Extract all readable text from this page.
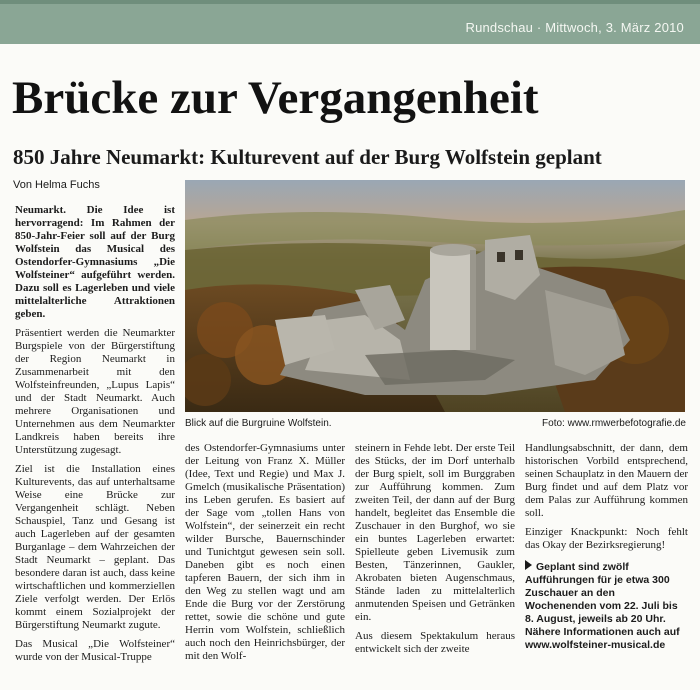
Rundschau · Mittwoch, 3. März 2010
Brücke zur Vergangenheit
850 Jahre Neumarkt: Kulturevent auf der Burg Wolfstein geplant
Von Helma Fuchs
Blick auf die Burgruine Wolfstein.	Foto: www.rmwerbefotografie.de

Neumarkt. Die Idee ist hervorragend: Im Rahmen der 850-Jahr-Feier soll auf der Burg Wolfstein das Musical des Ostendorfer-Gymnasiums „Die Wolfsteiner“ aufgeführt werden. Dazu soll es Lagerleben und viele mittelalterliche Attraktionen geben.

Präsentiert werden die Neumarkter Burgspiele von der Bürgerstiftung der Region Neumarkt in Zusammenarbeit mit den Wolfsteinfreunden, „Lupus Lapis“ und der Stadt Neumarkt. Auch mehrere Organisationen und Unternehmen aus dem Neumarkter Landkreis haben bereits ihre Unterstützung zugesagt.

Ziel ist die Installation eines Kulturevents, das auf unterhaltsame Weise eine Brücke zur Vergangenheit schlägt. Neben Schauspiel, Tanz und Gesang ist auch Lagerleben auf der gesamten Burganlage – dem Wahrzeichen der Stadt Neumarkt – geplant. Das besondere daran ist auch, dass keine wirtschaftlichen und kommerziellen Ziele verfolgt werden. Der Erlös kommt einem Sozialprojekt der Bürgerstiftung Neumarkt zugute.

Das Musical „Die Wolfsteiner“ wurde von der Musical-Truppe

des Ostendorfer-Gymnasiums unter der Leitung von Franz X. Müller (Idee, Text und Regie) und Max J. Gmelch (musikalische Präsentation) ins Leben gerufen. Es basiert auf der Sage vom „tollen Hans von Wolfstein“, der seinerzeit ein recht wilder Bursche, Bauernschinder und Tunichtgut gewesen sein soll. Daneben gibt es noch einen tapferen Bauern, der sich ihm in den Weg zu stellen wagt und am Ende die Burg vor der Zerstörung rettet, sowie die schöne und gute Herrin vom Wolfstein, schließlich auch noch den Heinrichsbürger, der mit den Wolf-

steinern in Fehde lebt. Der erste Teil des Stücks, der im Dorf unterhalb der Burg spielt, soll im Burggraben zur Aufführung kommen. Zum zweiten Teil, der dann auf der Burg handelt, begleitet das Ensemble die Zuschauer in den Burghof, wo sie ein buntes Lagerleben erwartet: Spielleute geben Livemusik zum Besten, Tänzerinnen, Gaukler, Akrobaten bieten Augenschmaus, Stände laden zu mittelalterlich anmutenden Speisen und Getränken ein.

Aus diesem Spektakulum heraus entwickelt sich der zweite

Handlungsabschnitt, der dann, dem historischen Vorbild entsprechend, seinen Schauplatz in den Mauern der Burg findet und auf dem Platz vor dem Palas zur Aufführung kommen soll.

Einziger Knackpunkt: Noch fehlt das Okay der Bezirksregierung!

Geplant sind zwölf Aufführungen für je etwa 300 Zuschauer an den Wochenenden vom 22. Juli bis 8. August, jeweils ab 20 Uhr. Nähere Informationen auch auf www.wolfsteiner-musical.de
